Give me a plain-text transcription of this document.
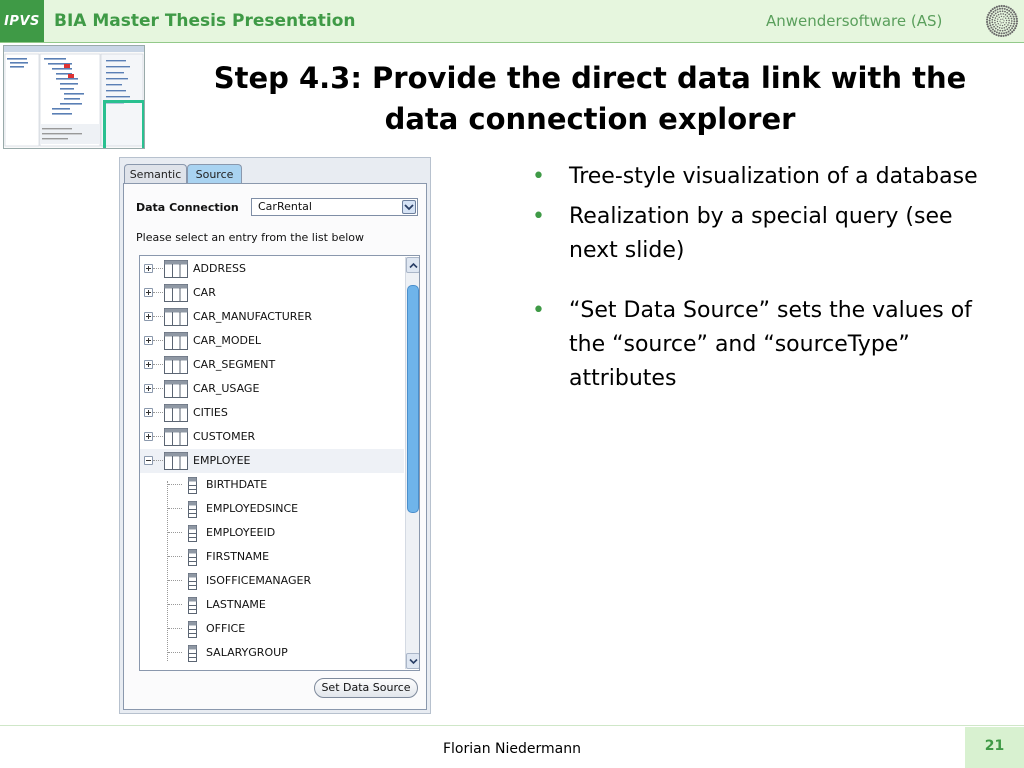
IPVS BIA Master Thesis Presentation	Anwendersoftware (AS)
Step 4.3: Provide the direct data link with the
data connection explorer
• Tree-style visualization of a database
• Realization by a special query (see next slide)
• “Set Data Source” sets the values of the “source” and “sourceType” attributes
Semantic	Source
Data Connection	CarRental
Please select an entry from the list below
ADDRESS
CAR
CAR_MANUFACTURER
CAR_MODEL
CAR_SEGMENT
CAR_USAGE
CITIES
CUSTOMER
EMPLOYEE
BIRTHDATE
EMPLOYEDSINCE
EMPLOYEEID
FIRSTNAME
ISOFFICEMANAGER
LASTNAME
OFFICE
SALARYGROUP
Set Data Source
Florian Niedermann	21
